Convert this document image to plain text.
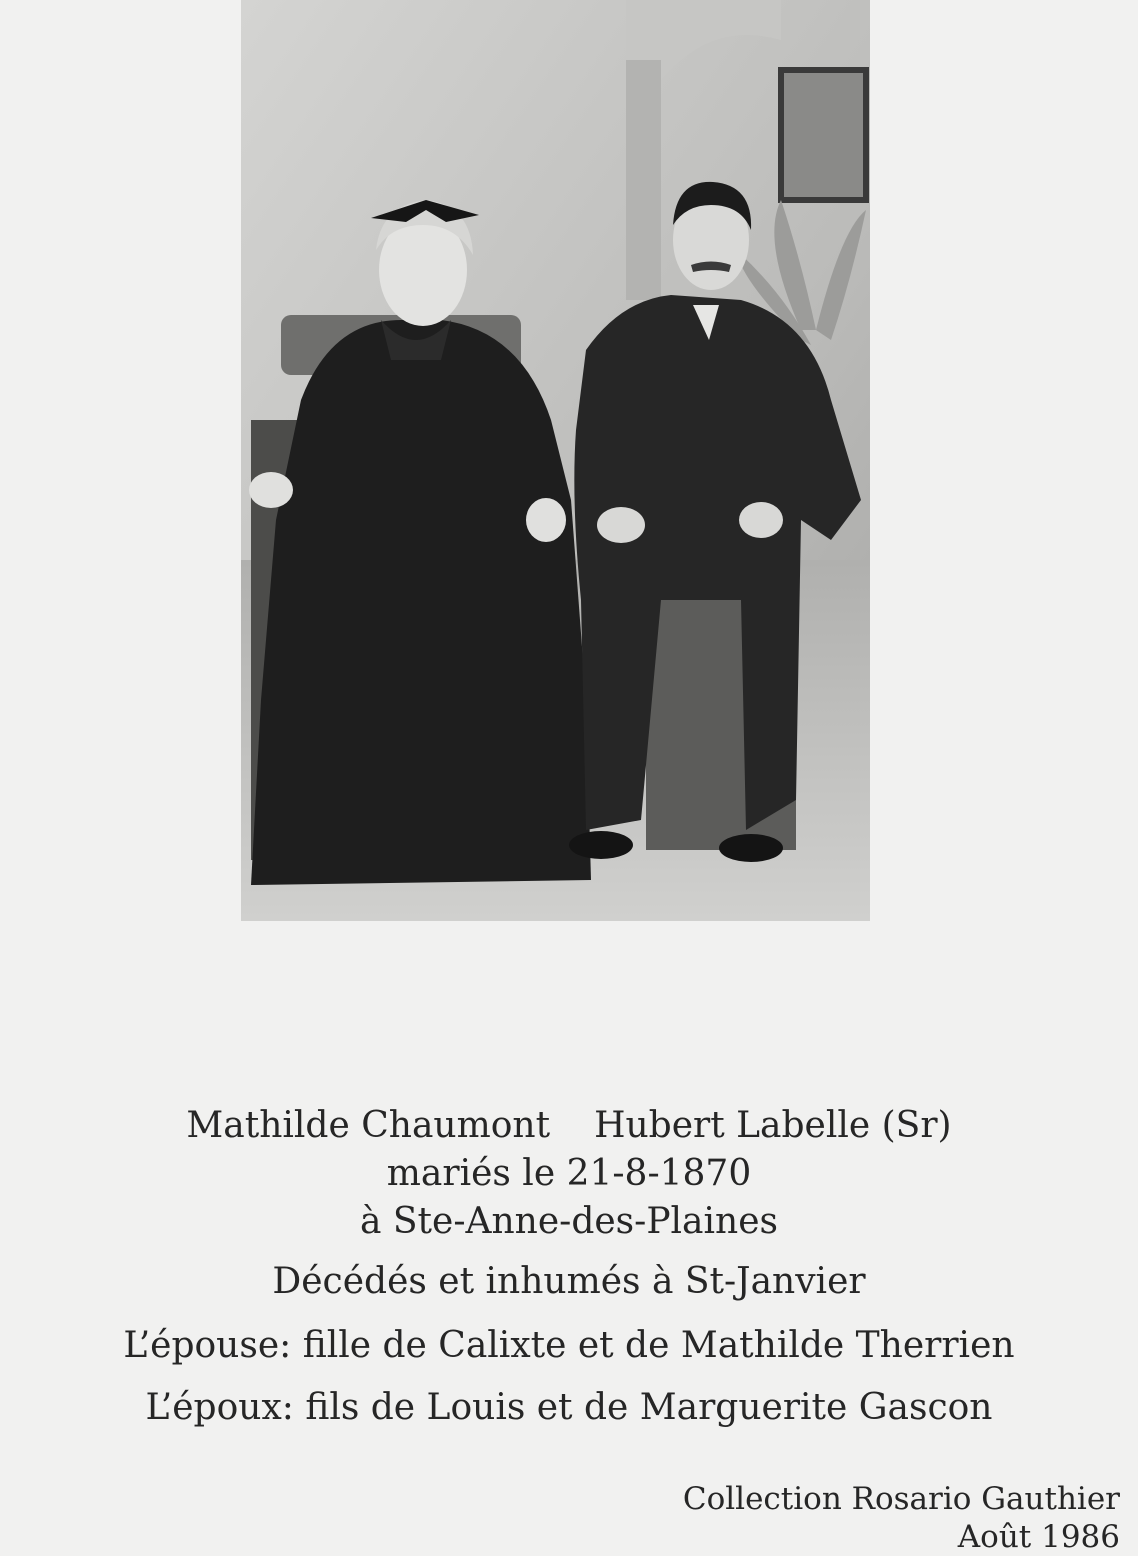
Mathilde Chaumont Hubert Labelle (Sr)
mariés le 21-8-1870
à Ste-Anne-des-Plaines
Décédés et inhumés à St-Janvier
L’épouse: fille de Calixte et de Mathilde Therrien
L’époux: fils de Louis et de Marguerite Gascon
Collection Rosario Gauthier
Août 1986
